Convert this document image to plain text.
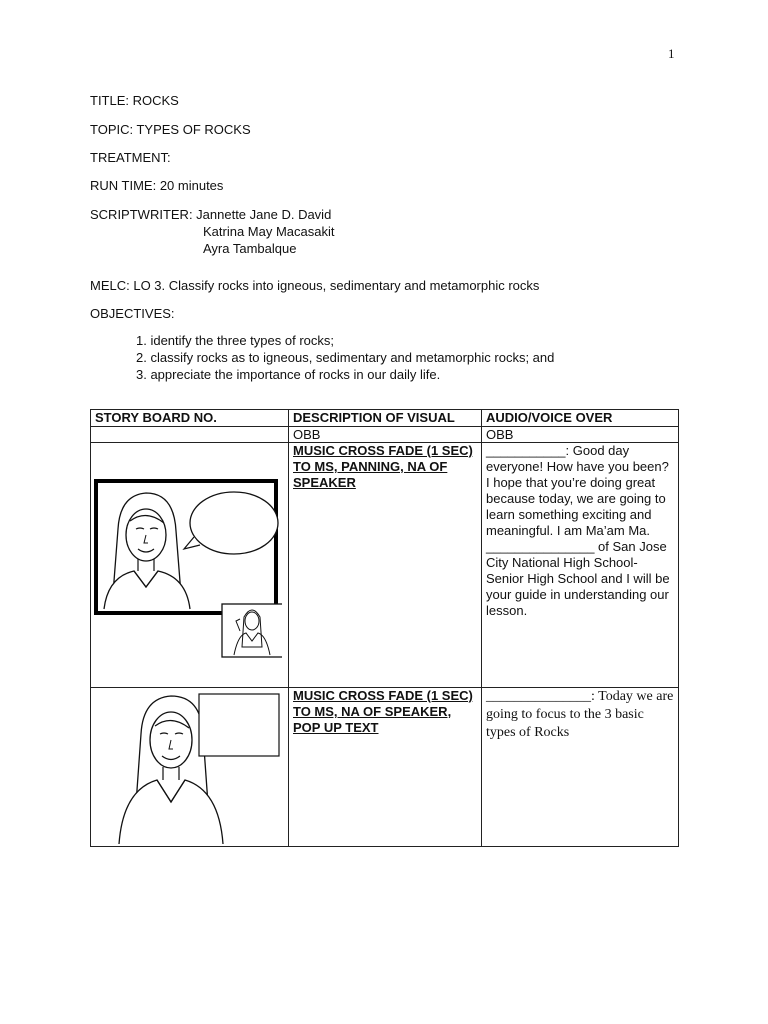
1
TITLE: ROCKS
TOPIC: TYPES OF ROCKS
TREATMENT:
RUN TIME: 20 minutes
SCRIPTWRITER: Jannette Jane D. David
Katrina May Macasakit
Ayra Tambalque
MELC: LO 3. Classify rocks into igneous, sedimentary and metamorphic rocks
OBJECTIVES:
1. identify the three types of rocks;
2. classify rocks as to igneous, sedimentary and metamorphic rocks; and
3. appreciate the importance of rocks in our daily life.
STORY BOARD NO.	DESCRIPTION OF VISUAL	AUDIO/VOICE OVER
	OBB	OBB

	MUSIC CROSS FADE (1 SEC) TO MS, PANNING, NA OF SPEAKER	___________: Good day everyone! How have you been? I hope that you’re doing great because today, we are going to learn something exciting and meaningful. I am Ma’am Ma. _______________ of San Jose City National High School- Senior High School and I will be your guide in understanding our lesson.

	MUSIC CROSS FADE (1 SEC) TO MS, NA OF SPEAKER, POP UP TEXT	_______________: Today we are going to focus to the 3 basic types of Rocks
